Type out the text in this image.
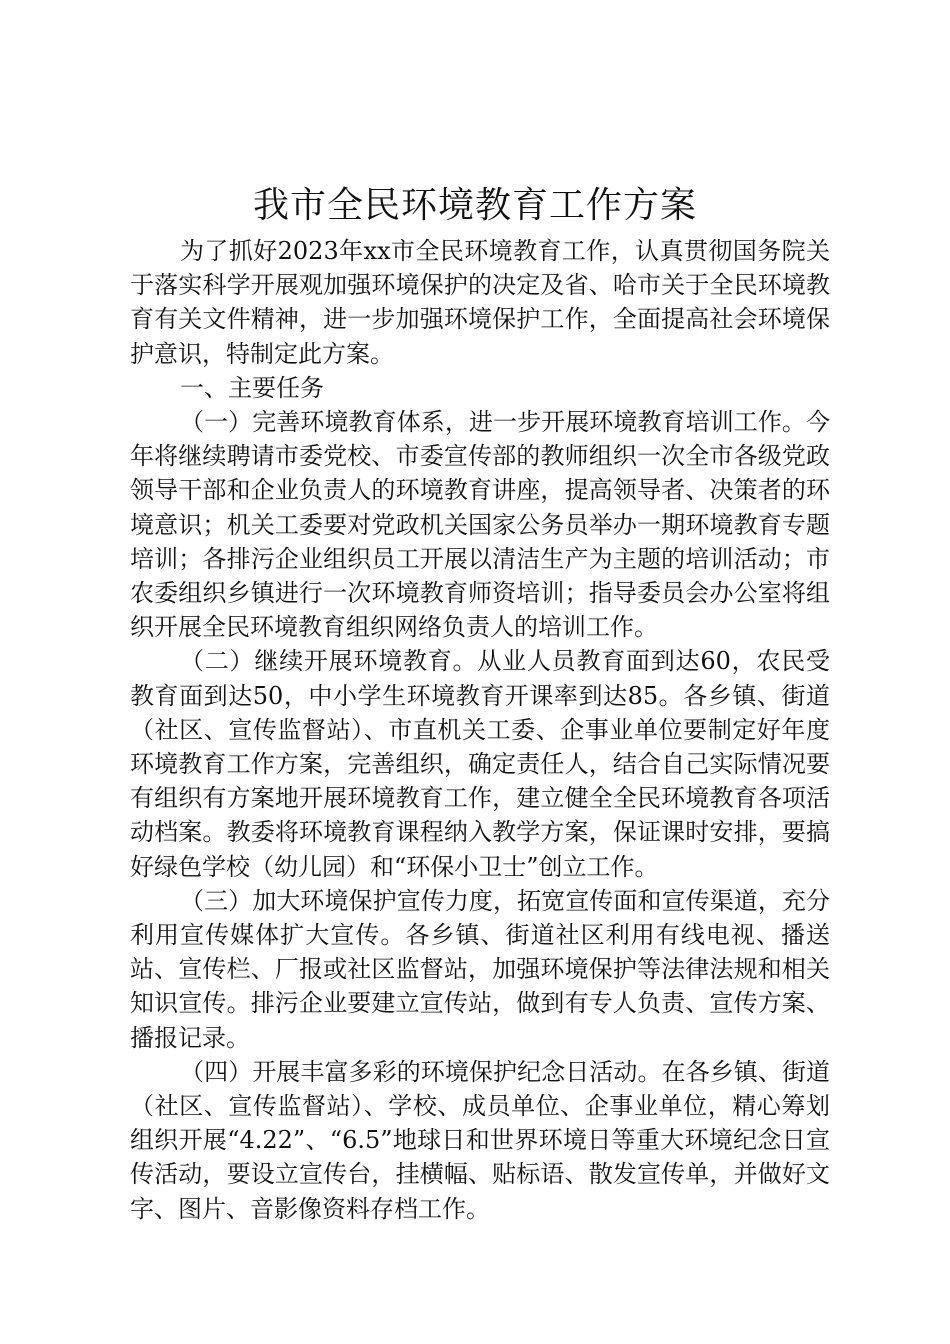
我市全民环境教育工作方案

为了抓好2023年xx市全民环境教育工作，认真贯彻国务院关于落实科学开展观加强环境保护的决定及省、哈市关于全民环境教育有关文件精神，进一步加强环境保护工作，全面提高社会环境保护意识，特制定此方案。

一、主要任务

（一）完善环境教育体系，进一步开展环境教育培训工作。今年将继续聘请市委党校、市委宣传部的教师组织一次全市各级党政领导干部和企业负责人的环境教育讲座，提高领导者、决策者的环境意识；机关工委要对党政机关国家公务员举办一期环境教育专题培训；各排污企业组织员工开展以清洁生产为主题的培训活动；市农委组织乡镇进行一次环境教育师资培训；指导委员会办公室将组织开展全民环境教育组织网络负责人的培训工作。

（二）继续开展环境教育。从业人员教育面到达60，农民受教育面到达50，中小学生环境教育开课率到达85。各乡镇、街道（社区、宣传监督站）、市直机关工委、企事业单位要制定好年度环境教育工作方案，完善组织，确定责任人，结合自己实际情况要有组织有方案地开展环境教育工作，建立健全全民环境教育各项活动档案。教委将环境教育课程纳入教学方案，保证课时安排，要搞好绿色学校（幼儿园）和“环保小卫士”创立工作。

（三）加大环境保护宣传力度，拓宽宣传面和宣传渠道，充分利用宣传媒体扩大宣传。各乡镇、街道社区利用有线电视、播送站、宣传栏、厂报或社区监督站，加强环境保护等法律法规和相关知识宣传。排污企业要建立宣传站，做到有专人负责、宣传方案、播报记录。

（四）开展丰富多彩的环境保护纪念日活动。在各乡镇、街道（社区、宣传监督站）、学校、成员单位、企事业单位，精心筹划组织开展“4.22”、“6.5”地球日和世界环境日等重大环境纪念日宣传活动，要设立宣传台，挂横幅、贴标语、散发宣传单，并做好文字、图片、音影像资料存档工作。
